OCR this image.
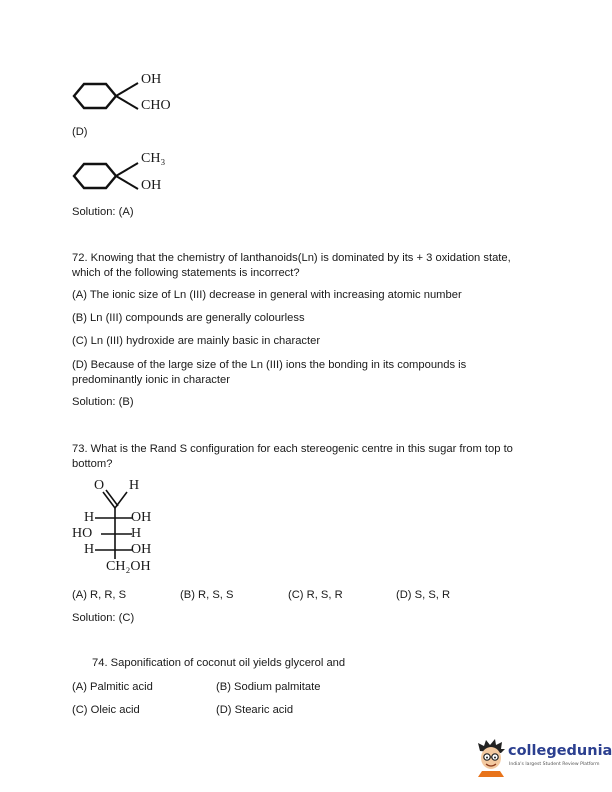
OH
CHO
(D)
CH₃
OH
Solution: (A)
72. Knowing that the chemistry of lanthanoids(Ln) is dominated by its + 3 oxidation state, which of the following statements is incorrect?
(A) The ionic size of Ln (III) decrease in general with increasing atomic number
(B) Ln (III) compounds are generally colourless
(C) Ln (III) hydroxide are mainly basic in character
(D) Because of the large size of the Ln (III) ions the bonding in its compounds is predominantly ionic in character
Solution: (B)
73. What is the Rand S configuration for each stereogenic centre in this sugar from top to bottom?
O H
H	OH
HO	H
H	OH
CH₂OH
(A) R, R, S	(B) R, S, S	(C) R, S, R	(D) S, S, R
Solution: (C)
74. Saponification of coconut oil yields glycerol and
(A) Palmitic acid	(B) Sodium palmitate
(C) Oleic acid	(D) Stearic acid
collegedunia
India's largest Student Review Platform
